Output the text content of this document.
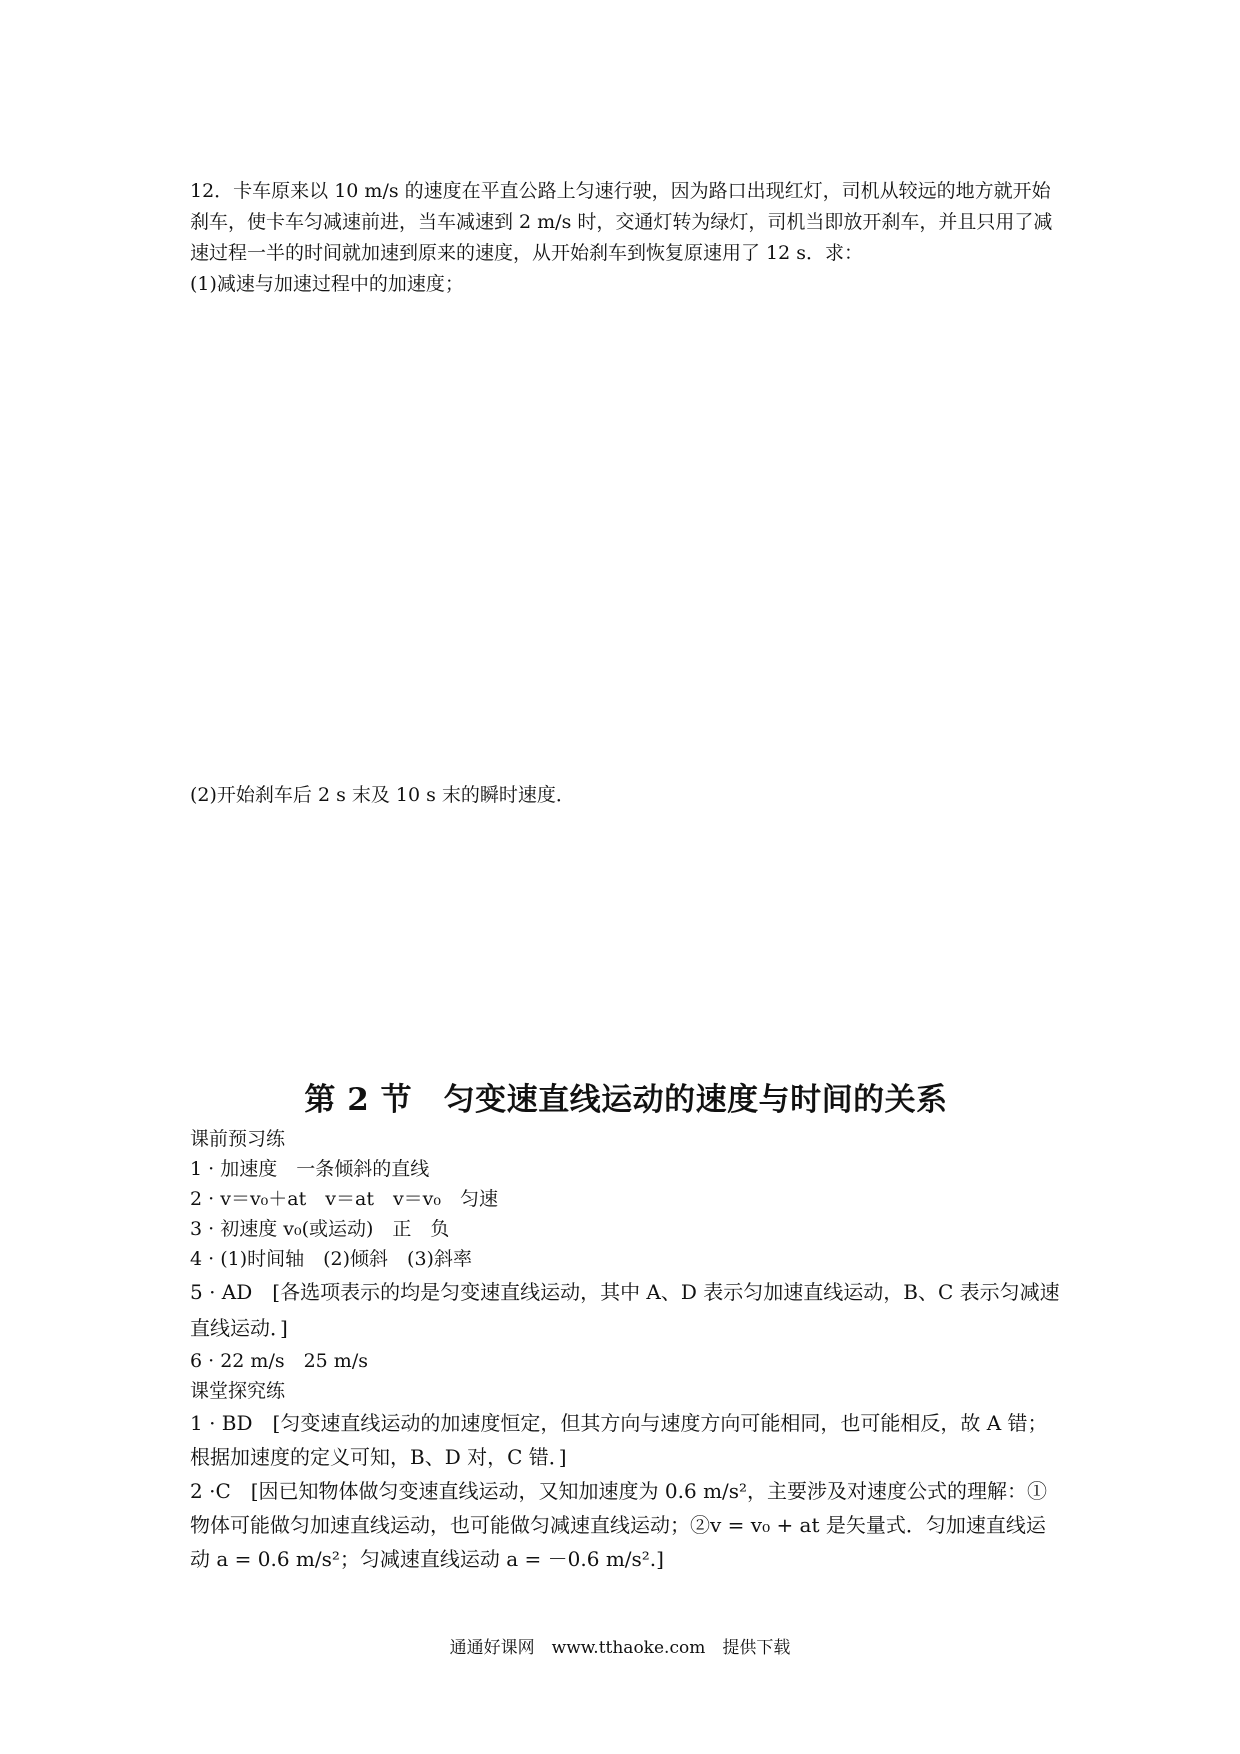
12．卡车原来以 10 m/s 的速度在平直公路上匀速行驶，因为路口出现红灯，司机从较远的地方就开始刹车，使卡车匀减速前进，当车减速到 2 m/s 时，交通灯转为绿灯，司机当即放开刹车，并且只用了减速过程一半的时间就加速到原来的速度，从开始刹车到恢复原速用了 12 s．求：

(1)减速与加速过程中的加速度；

(2)开始刹车后 2 s 末及 10 s 末的瞬时速度．

第 2 节　匀变速直线运动的速度与时间的关系

课前预习练

1 · 加速度　一条倾斜的直线

2 · v＝v₀＋at　v＝at　v＝v₀　匀速

3 · 初速度 v₀(或运动)　正　负

4 · (1)时间轴　(2)倾斜　(3)斜率

5 · AD　[各选项表示的均是匀变速直线运动，其中 A、D 表示匀加速直线运动，B、C 表示匀减速直线运动．]

6 · 22 m/s　25 m/s

课堂探究练

1 · BD　[匀变速直线运动的加速度恒定，但其方向与速度方向可能相同，也可能相反，故 A 错；根据加速度的定义可知，B、D 对，C 错．]

2 ·C　[因已知物体做匀变速直线运动，又知加速度为 0.6 m/s²，主要涉及对速度公式的理解：①物体可能做匀加速直线运动，也可能做匀减速直线运动；②v = v₀ + at 是矢量式．匀加速直线运动 a = 0.6 m/s²；匀减速直线运动 a = －0.6 m/s².]

通通好课网　www.tthaoke.com　提供下载
